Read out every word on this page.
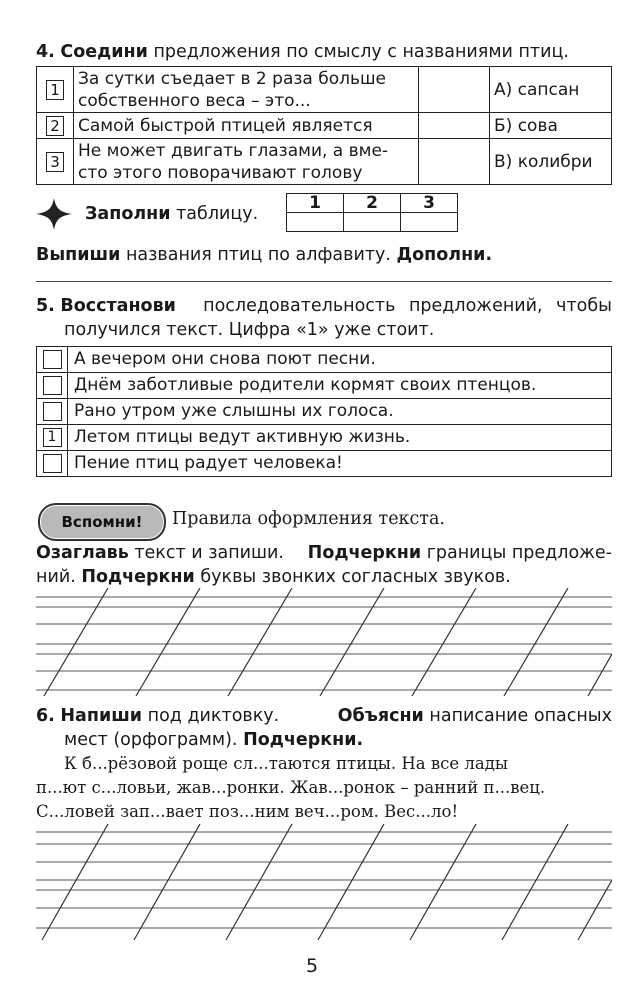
4. Соедини предложения по смыслу с названиями птиц.
1	За сутки съедает в 2 раза больше
собственного веса – это...		А) сапсан
2	Самой быстрой птицей является		Б) сова
3	Не может двигать глазами, а вме-
сто этого поворачивают голову		В) колибри
Заполни таблицу.
1	2	3

Выпиши названия птиц по алфавиту. Дополни.
5. Восстанови последовательность предложений, чтобы
получился текст. Цифра «1» уже стоит.
	А вечером они снова поют песни.
	Днём заботливые родители кормят своих птенцов.
	Рано утром уже слышны их голоса.
1	Летом птицы ведут активную жизнь.
	Пение птиц радует человека!
Вспомни!	Правила оформления текста.
Озаглавь текст и запиши. Подчеркни границы предложе-
ний. Подчеркни буквы звонких согласных звуков.
6. Напиши под диктовку.	Объясни написание опасных
мест (орфограмм). Подчеркни.
К б...рёзовой роще сл...таются птицы. На все лады
п...ют с...ловьи, жав...ронки. Жав...ронок – ранний п...вец.
С...ловей зап...вает поз...ним веч...ром. Вес...ло!
5
